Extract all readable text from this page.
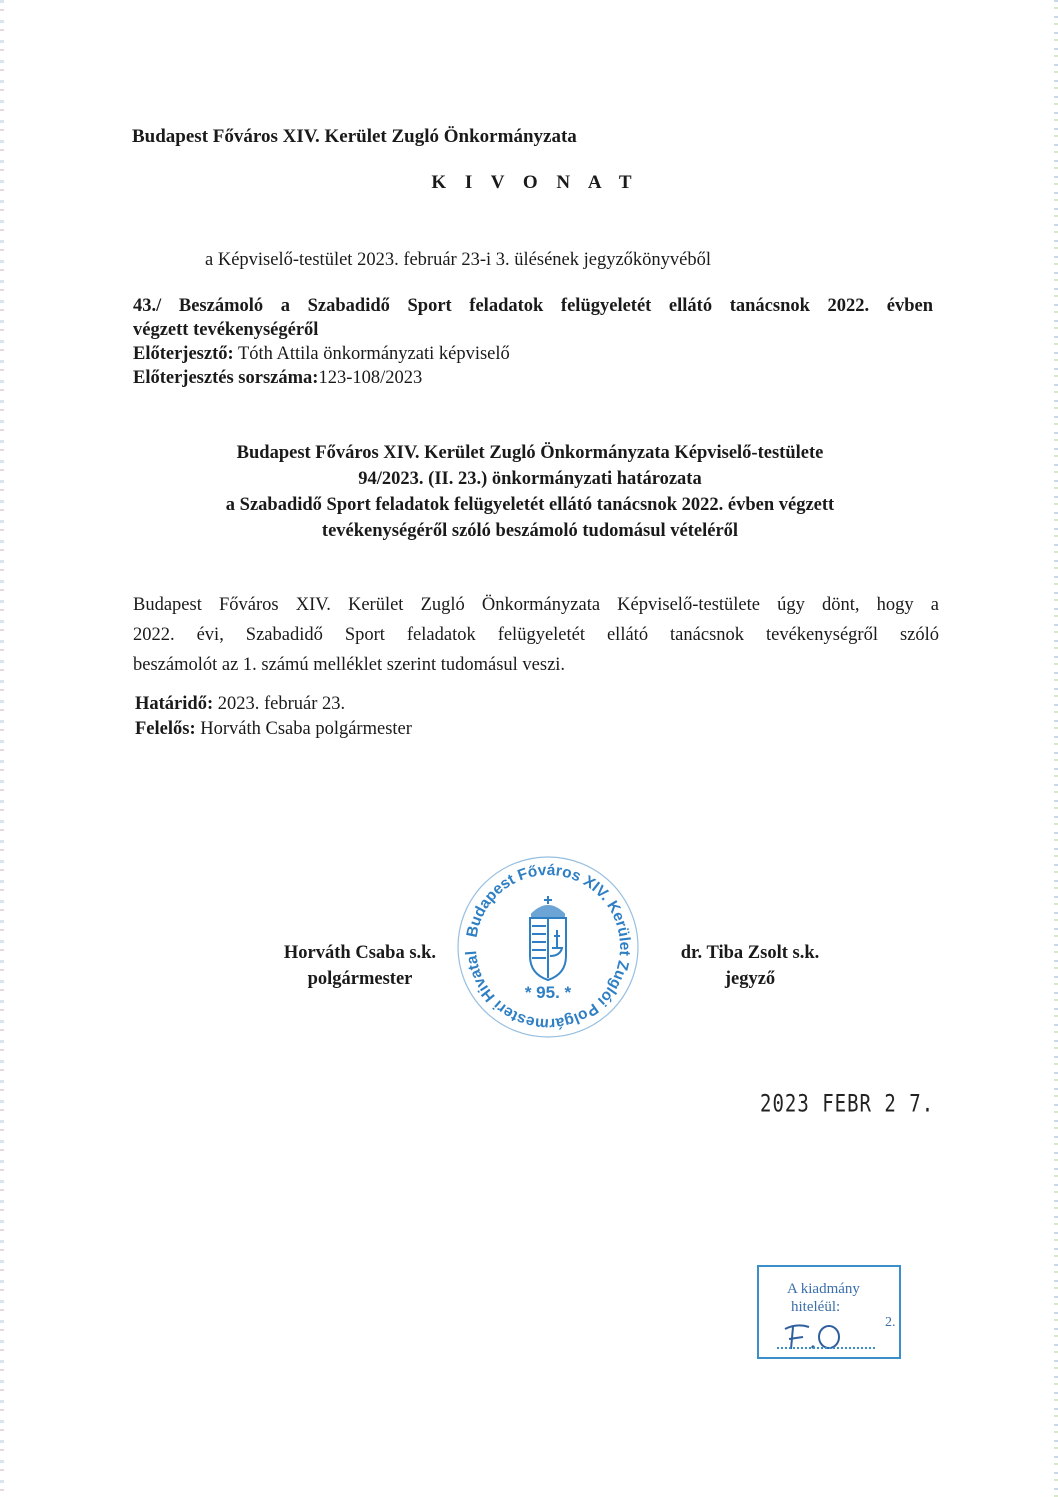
Budapest Főváros XIV. Kerület Zugló Önkormányzata
K I V O N A T
a Képviselő-testület 2023. február 23-i 3. ülésének jegyzőkönyvéből
43./ Beszámoló a Szabadidő Sport feladatok felügyeletét ellátó tanácsnok 2022. évben
végzett tevékenységéről
Előterjesztő: Tóth Attila önkormányzati képviselő
Előterjesztés sorszáma:123-108/2023
Budapest Főváros XIV. Kerület Zugló Önkormányzata Képviselő-testülete
94/2023. (II. 23.) önkormányzati határozata
a Szabadidő Sport feladatok felügyeletét ellátó tanácsnok 2022. évben végzett
tevékenységéről szóló beszámoló tudomásul vételéről
Budapest Főváros XIV. Kerület Zugló Önkormányzata Képviselő-testülete úgy dönt, hogy a
2022. évi, Szabadidő Sport feladatok felügyeletét ellátó tanácsnok tevékenységről szóló
beszámolót az 1. számú melléklet szerint tudomásul veszi.
Határidő: 2023. február 23.
Felelős: Horváth Csaba polgármester
Horváth Csaba s.k.
polgármester
dr. Tiba Zsolt s.k.
jegyző
Budapest Főváros XIV. Kerület Zuglói Polgármesteri Hivatal
* 95. *
2023 FEBR 2 7.
A kiadmány
hiteléül:
2.
